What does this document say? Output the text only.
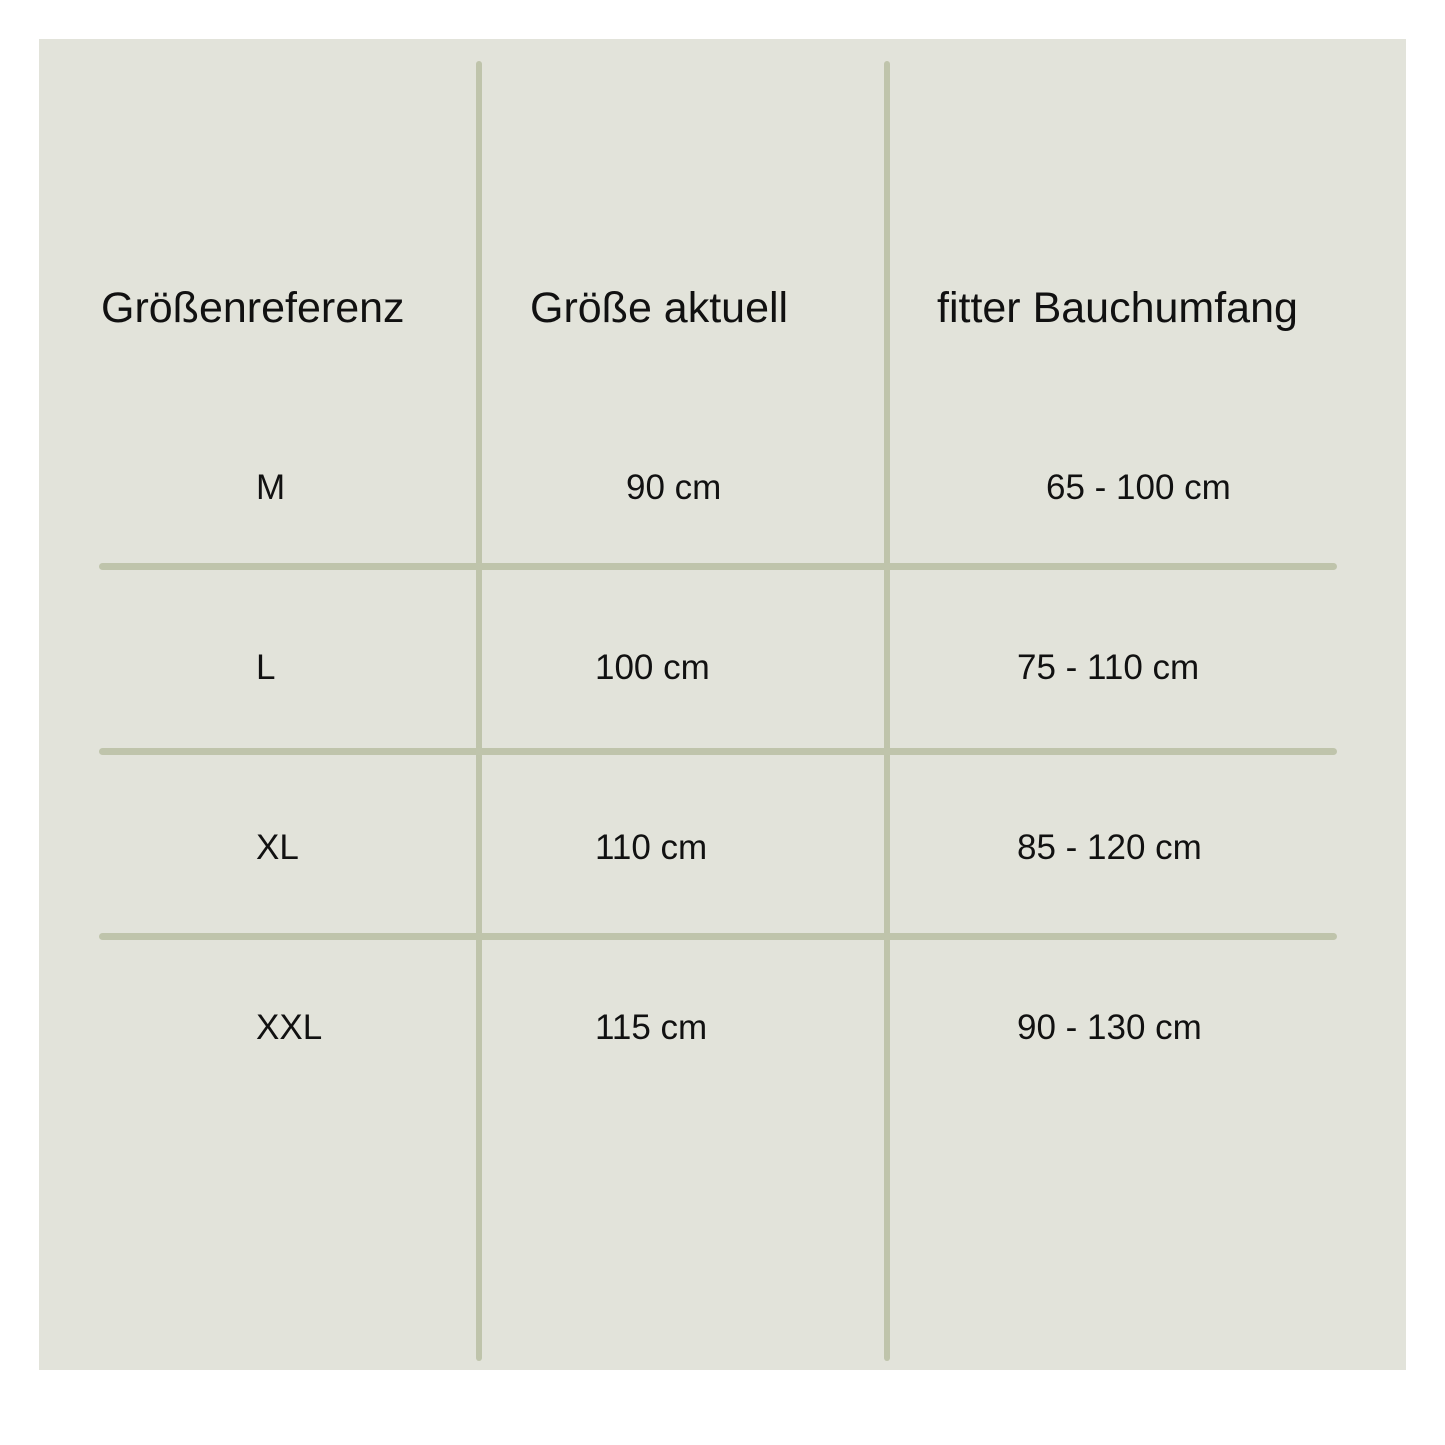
Größenreferenz	Größe aktuell	fitter Bauchumfang
M	90 cm	65 - 100 cm
L	100 cm	75 - 110 cm
XL	110 cm	85 - 120 cm
XXL	115 cm	90 - 130 cm
